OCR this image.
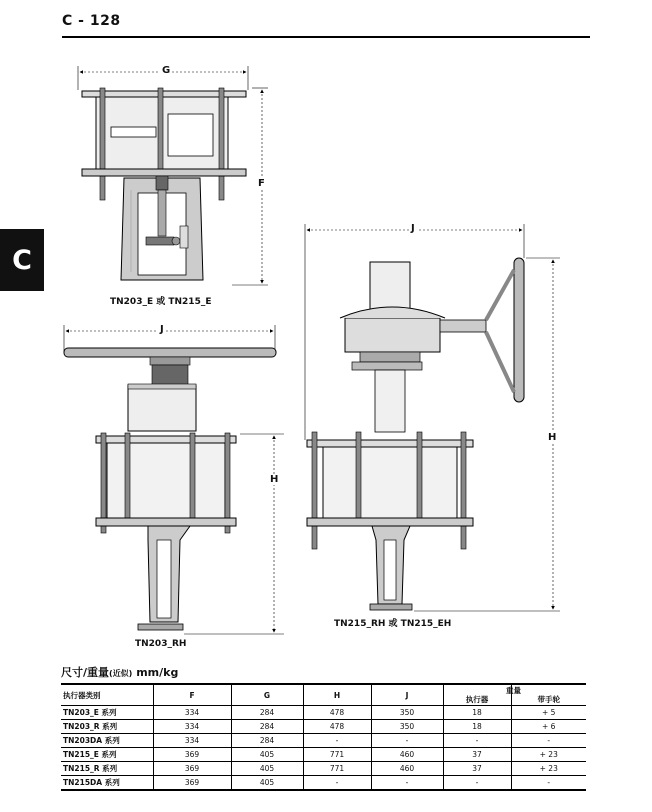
C - 128
C
G
F
TN203_E 或 TN215_E
J
H
TN203_RH
J
H
TN215_RH 或 TN215_EH
尺寸/重量(近似) mm/kg
重量
执行器类别	F	G	H	J	执行器	带手轮
TN203_E 系列	334	284	478	350	18	+ 5
TN203_R 系列	334	284	478	350	18	+ 6
TN203DA 系列	334	284	-	-	-	-
TN215_E 系列	369	405	771	460	37	+ 23
TN215_R 系列	369	405	771	460	37	+ 23
TN215DA 系列	369	405	-	-	-	-
